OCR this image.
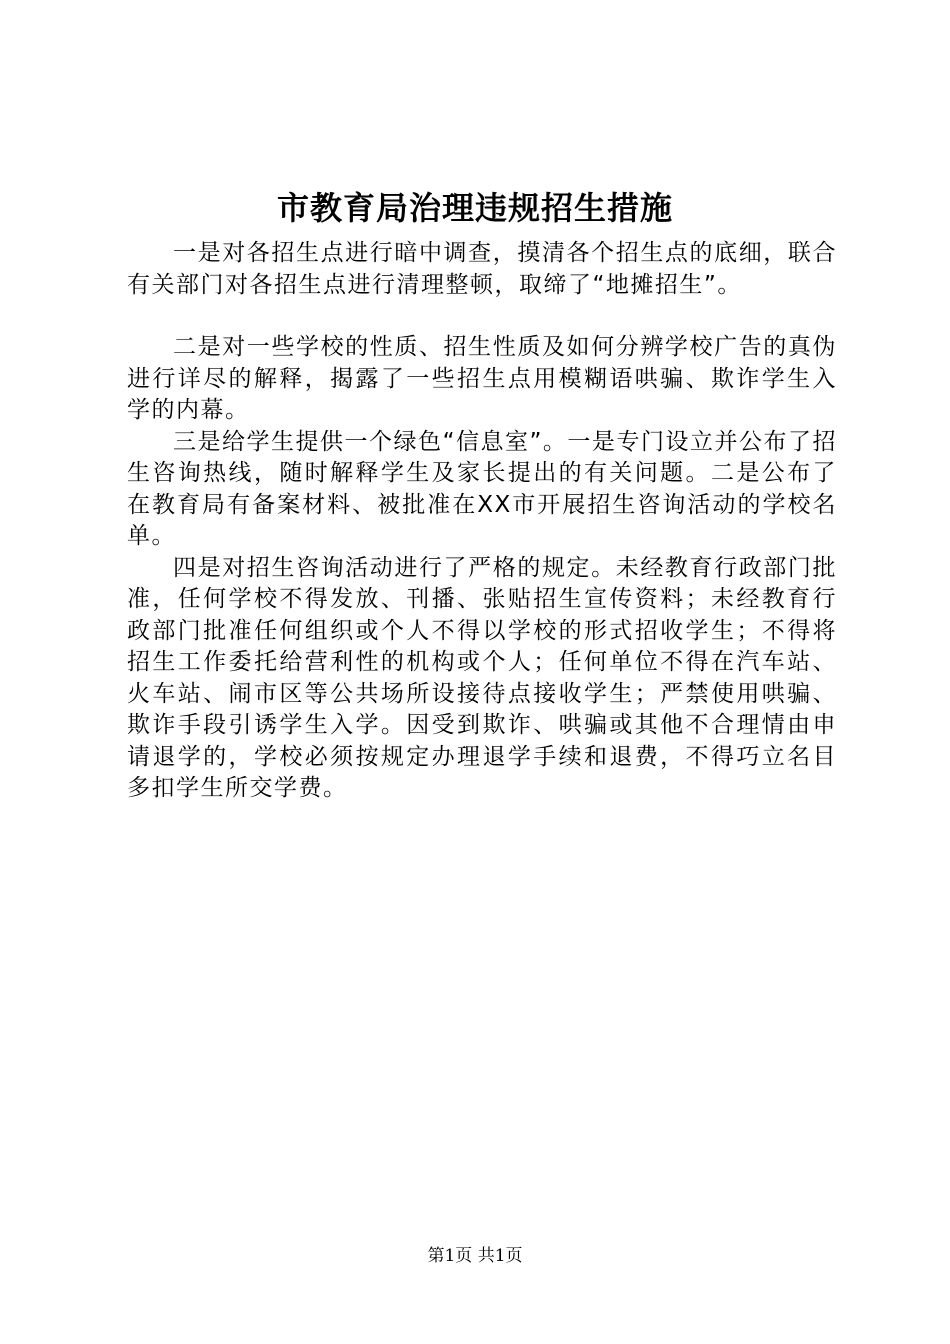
市教育局治理违规招生措施

一是对各招生点进行暗中调查，摸清各个招生点的底细，联合有关部门对各招生点进行清理整顿，取缔了“地摊招生”。

二是对一些学校的性质、招生性质及如何分辨学校广告的真伪进行详尽的解释，揭露了一些招生点用模糊语哄骗、欺诈学生入学的内幕。

三是给学生提供一个绿色“信息室”。一是专门设立并公布了招生咨询热线，随时解释学生及家长提出的有关问题。二是公布了在教育局有备案材料、被批准在XX市开展招生咨询活动的学校名单。

四是对招生咨询活动进行了严格的规定。未经教育行政部门批准，任何学校不得发放、刊播、张贴招生宣传资料；未经教育行政部门批准任何组织或个人不得以学校的形式招收学生；不得将招生工作委托给营利性的机构或个人；任何单位不得在汽车站、火车站、闹市区等公共场所设接待点接收学生；严禁使用哄骗、欺诈手段引诱学生入学。因受到欺诈、哄骗或其他不合理情由申请退学的，学校必须按规定办理退学手续和退费，不得巧立名目多扣学生所交学费。

第1页 共1页
